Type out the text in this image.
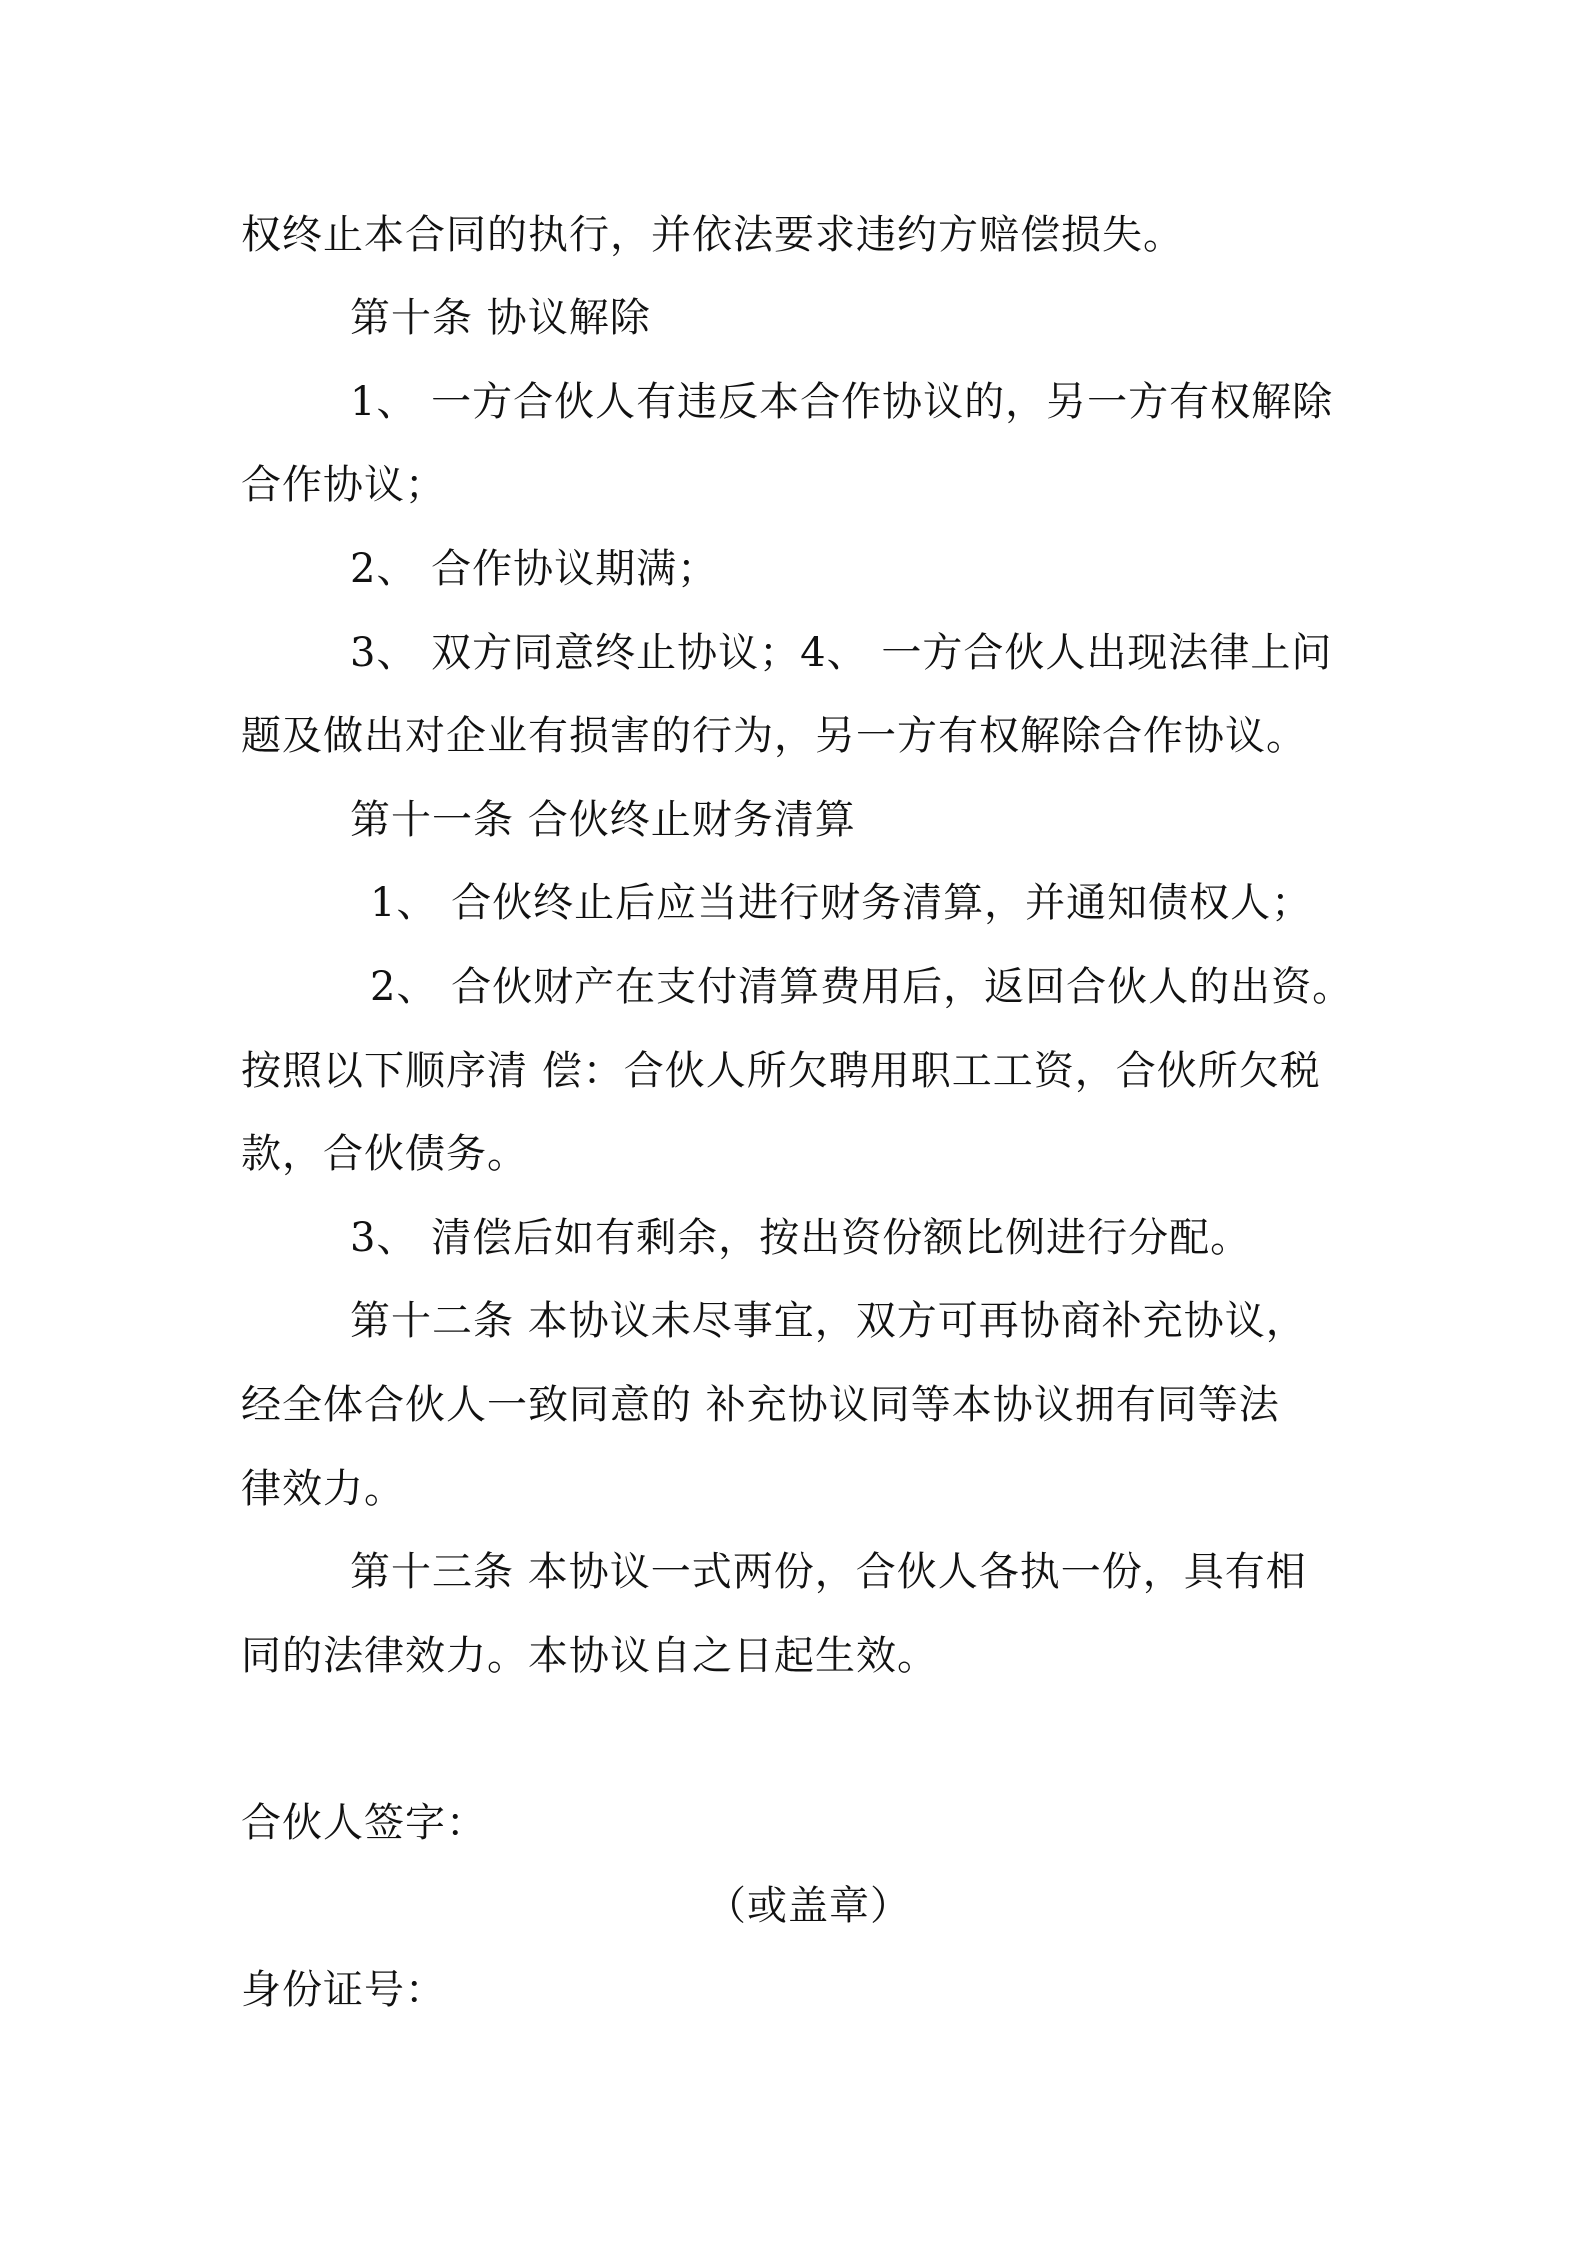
权终止本合同的执行，并依法要求违约方赔偿损失。
第十条 协议解除
1、 一方合伙人有违反本合作协议的，另一方有权解除
合作协议；
2、 合作协议期满；
3、 双方同意终止协议；4、 一方合伙人出现法律上问
题及做出对企业有损害的行为，另一方有权解除合作协议。
第十一条 合伙终止财务清算
1、 合伙终止后应当进行财务清算，并通知债权人；
2、 合伙财产在支付清算费用后，返回合伙人的出资。
按照以下顺序清 偿：合伙人所欠聘用职工工资，合伙所欠税
款，合伙债务。
3、 清偿后如有剩余，按出资份额比例进行分配。
第十二条 本协议未尽事宜，双方可再协商补充协议，
经全体合伙人一致同意的 补充协议同等本协议拥有同等法
律效力。
第十三条 本协议一式两份，合伙人各执一份，具有相
同的法律效力。本协议自之日起生效。
合伙人签字：
（或盖章）
身份证号：
